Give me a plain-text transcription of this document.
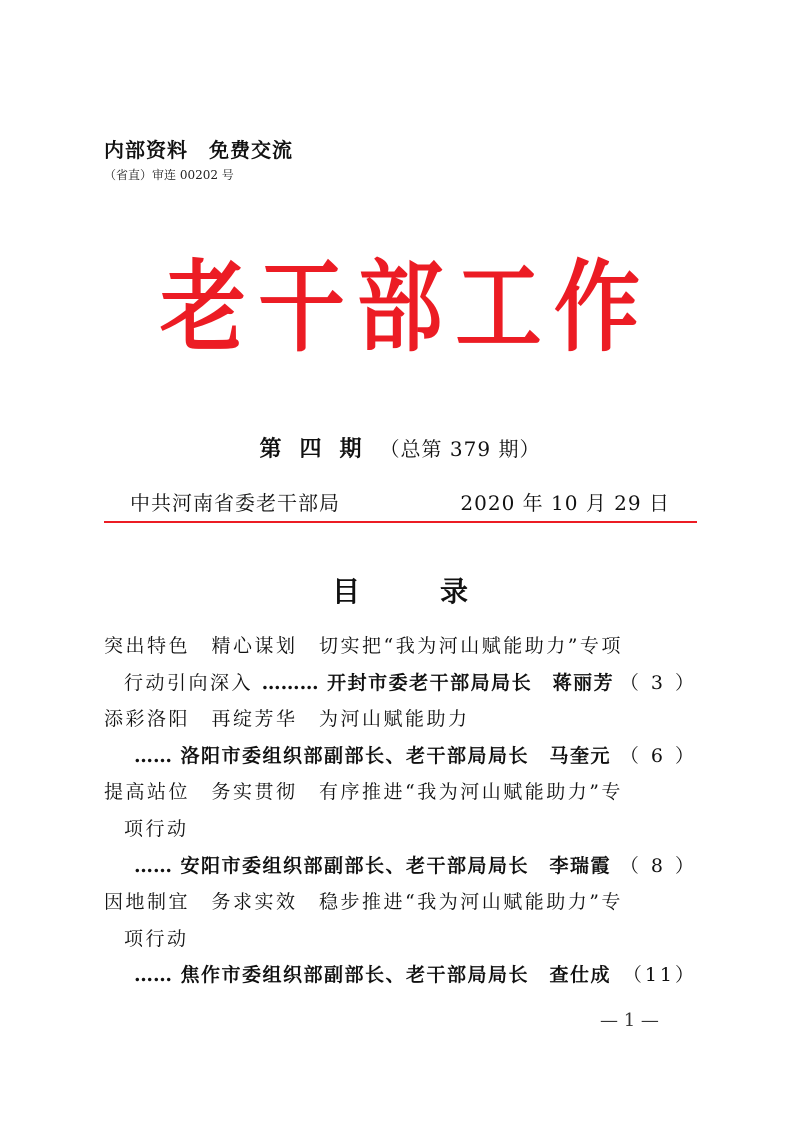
内部资料　免费交流
（省直）审连 00202 号
老 干 部 工 作
第四期（总第 379 期）
中共河南省委老干部局	2020 年 10 月 29 日
目	录
突出特色　精心谋划　切实把“我为河山赋能助力”专项
行动引向深入 ……… 开封市委老干部局局长　蒋丽芳 （ 3 ）
添彩洛阳　再绽芳华　为河山赋能助力
…… 洛阳市委组织部副部长、老干部局局长　马奎元 （ 6 ）
提高站位　务实贯彻　有序推进“我为河山赋能助力”专
项行动
…… 安阳市委组织部副部长、老干部局局长　李瑞霞 （ 8 ）
因地制宜　务求实效　稳步推进“我为河山赋能助力”专
项行动
…… 焦作市委组织部副部长、老干部局局长　查仕成 （11）
— 1 —
